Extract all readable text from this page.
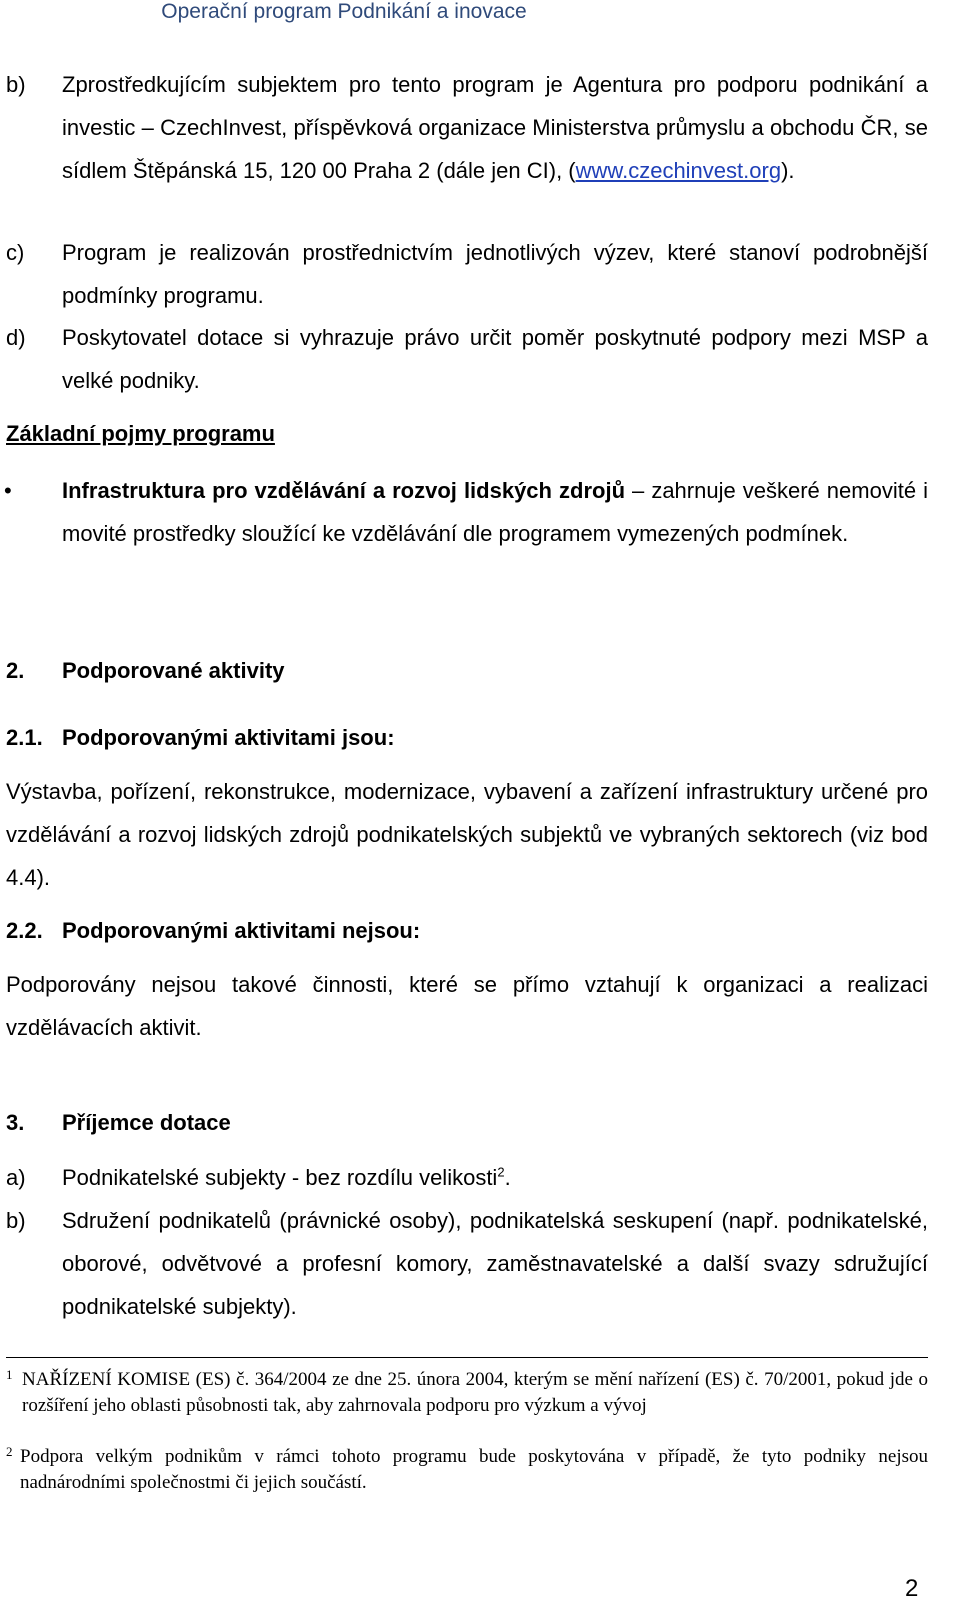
Operační program Podnikání a inovace
b) Zprostředkujícím subjektem pro tento program je Agentura pro podporu podnikání a investic – CzechInvest, příspěvková organizace Ministerstva průmyslu a obchodu ČR, se sídlem Štěpánská 15, 120 00 Praha 2 (dále jen CI), (www.czechinvest.org).
c) Program je realizován prostřednictvím jednotlivých výzev, které stanoví podrobnější podmínky programu.
d) Poskytovatel dotace si vyhrazuje právo určit poměr poskytnuté podpory mezi MSP a velké podniky.
Základní pojmy programu
• Infrastruktura pro vzdělávání a rozvoj lidských zdrojů – zahrnuje veškeré nemovité i movité prostředky sloužící ke vzdělávání dle programem vymezených podmínek.
2. Podporované aktivity
2.1. Podporovanými aktivitami jsou:
Výstavba, pořízení, rekonstrukce, modernizace, vybavení a zařízení infrastruktury určené pro vzdělávání a rozvoj lidských zdrojů podnikatelských subjektů ve vybraných sektorech (viz bod 4.4).
2.2. Podporovanými aktivitami nejsou:
Podporovány nejsou takové činnosti, které se přímo vztahují k organizaci a realizaci vzdělávacích aktivit.
3. Příjemce dotace
a) Podnikatelské subjekty - bez rozdílu velikosti$^2$.
b) Sdružení podnikatelů (právnické osoby), podnikatelská seskupení (např. podnikatelské, oborové, odvětvové a profesní komory, zaměstnavatelské a další svazy sdružující podnikatelské subjekty).
1 NAŘÍZENÍ KOMISE (ES) č. 364/2004 ze dne 25. února 2004, kterým se mění nařízení (ES) č. 70/2001, pokud jde o rozšíření jeho oblasti působnosti tak, aby zahrnovala podporu pro výzkum a vývoj
2 Podpora velkým podnikům v rámci tohoto programu bude poskytována v případě, že tyto podniky nejsou nadnárodními společnostmi či jejich součástí.
2
